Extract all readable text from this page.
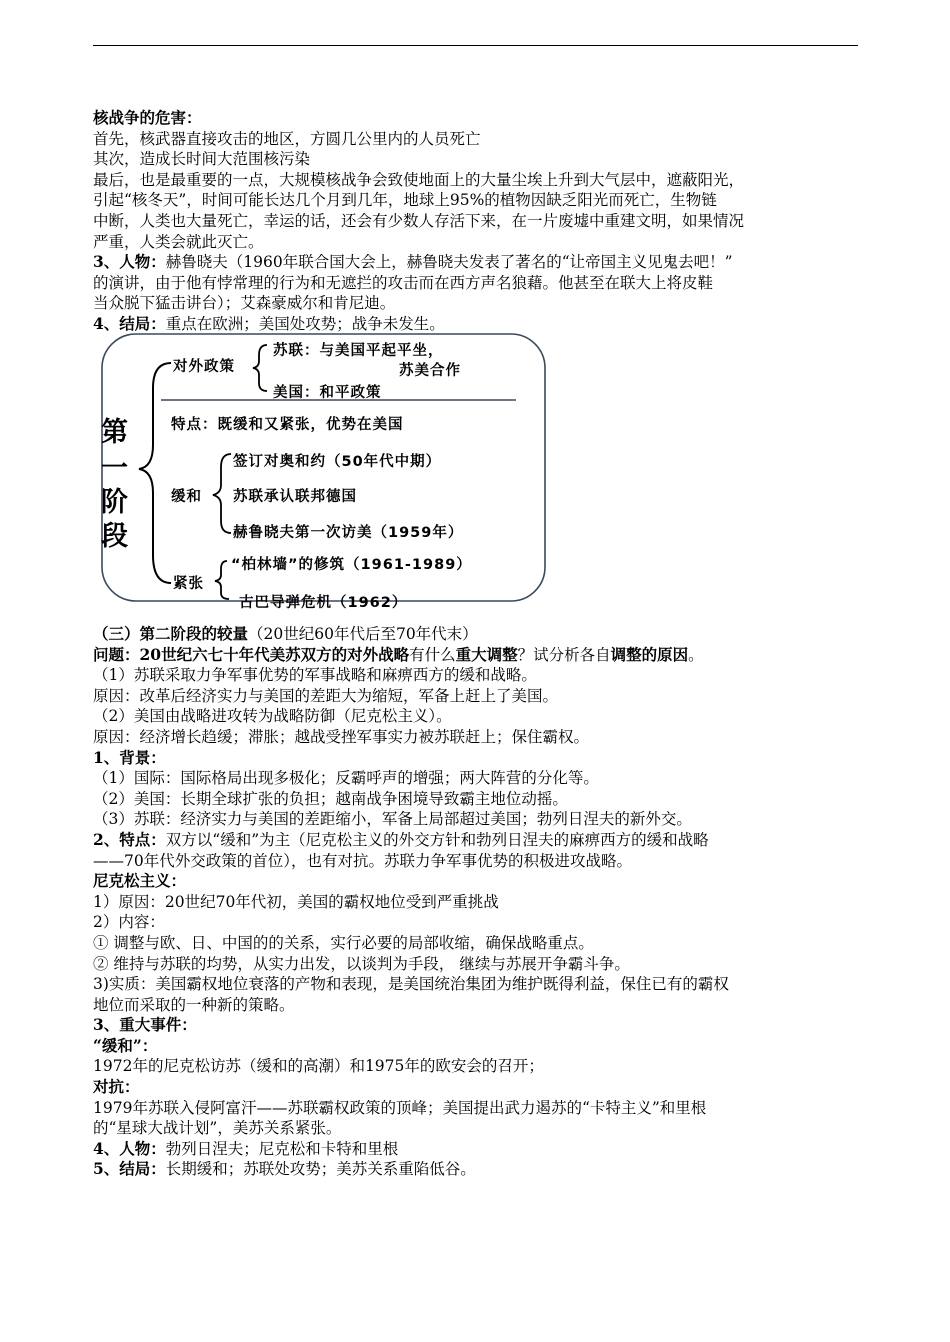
核战争的危害：

首先，核武器直接攻击的地区，方圆几公里内的人员死亡

其次，造成长时间大范围核污染

最后，也是最重要的一点，大规模核战争会致使地面上的大量尘埃上升到大气层中，遮蔽阳光，

引起“核冬天”，时间可能长达几个月到几年，地球上95%的植物因缺乏阳光而死亡，生物链

中断，人类也大量死亡，幸运的话，还会有少数人存活下来，在一片废墟中重建文明，如果情况

严重，人类会就此灭亡。

3、人物：赫鲁晓夫（1960年联合国大会上，赫鲁晓夫发表了著名的“让帝国主义见鬼去吧！”

的演讲，由于他有悖常理的行为和无遮拦的攻击而在西方声名狼藉。他甚至在联大上将皮鞋

当众脱下猛击讲台）；艾森豪威尔和肯尼迪。

4、结局：重点在欧洲；美国处攻势；战争未发生。

第
一
阶
段
对外政策
苏联：与美国平起平坐，
苏美合作
美国：和平政策
特点：既缓和又紧张，优势在美国
缓和
签订对奥和约（50年代中期）
苏联承认联邦德国
赫鲁晓夫第一次访美（1959年）
紧张
“柏林墙”的修筑（1961-1989）
古巴导弹危机（1962）

（三）第二阶段的较量（20世纪60年代后至70年代末）

问题：20世纪六七十年代美苏双方的对外战略有什么重大调整？试分析各自调整的原因。

（1）苏联采取力争军事优势的军事战略和麻痹西方的缓和战略。

原因：改革后经济实力与美国的差距大为缩短，军备上赶上了美国。

（2）美国由战略进攻转为战略防御（尼克松主义）。

原因：经济增长趋缓；滞胀；越战受挫军事实力被苏联赶上；保住霸权。

1、背景：

（1）国际：国际格局出现多极化；反霸呼声的增强；两大阵营的分化等。

（2）美国：长期全球扩张的负担；越南战争困境导致霸主地位动摇。

（3）苏联：经济实力与美国的差距缩小，军备上局部超过美国；勃列日涅夫的新外交。

2、特点：双方以“缓和”为主（尼克松主义的外交方针和勃列日涅夫的麻痹西方的缓和战略

——70年代外交政策的首位），也有对抗。苏联力争军事优势的积极进攻战略。

尼克松主义：

1）原因：20世纪70年代初，美国的霸权地位受到严重挑战

2）内容：

① 调整与欧、日、中国的的关系，实行必要的局部收缩，确保战略重点。

② 维持与苏联的均势，从实力出发，以谈判为手段， 继续与苏展开争霸斗争。

3)实质：美国霸权地位衰落的产物和表现，是美国统治集团为维护既得利益，保住已有的霸权

地位而采取的一种新的策略。

3、重大事件：

“缓和”：

1972年的尼克松访苏（缓和的高潮）和1975年的欧安会的召开；

对抗：

1979年苏联入侵阿富汗——苏联霸权政策的顶峰；美国提出武力遏苏的“卡特主义”和里根

的“星球大战计划”，美苏关系紧张。

4、人物：勃列日涅夫；尼克松和卡特和里根

5、结局：长期缓和；苏联处攻势；美苏关系重陷低谷。
